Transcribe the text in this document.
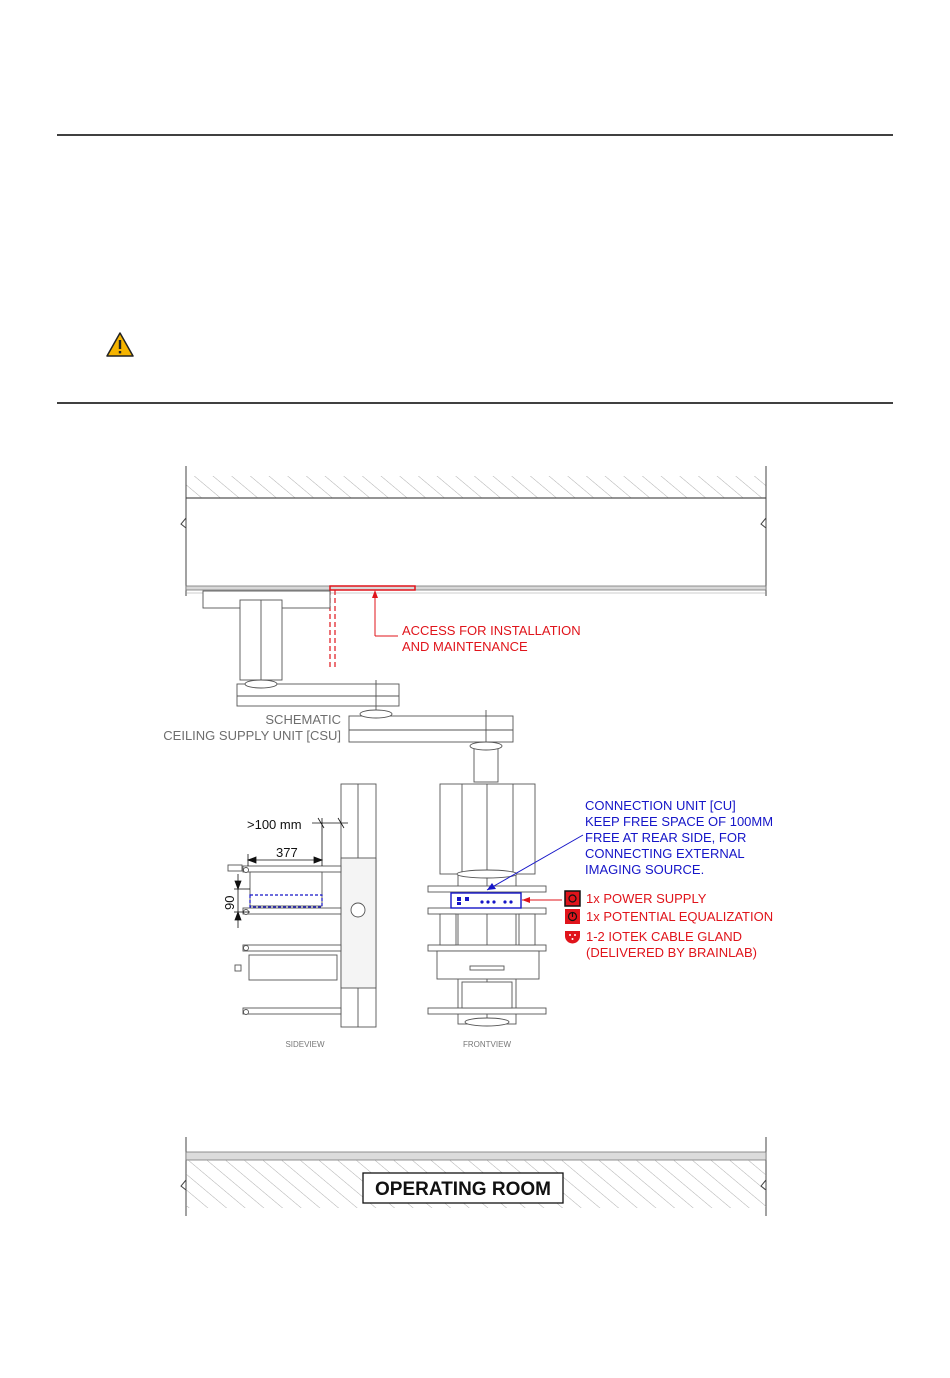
ACCESS FOR INSTALLATION
AND MAINTENANCE
SCHEMATIC
CEILING SUPPLY UNIT [CSU]
>100 mm
377
90
SIDEVIEW	FRONTVIEW
CONNECTION UNIT [CU]
KEEP FREE SPACE OF 100MM
FREE AT REAR SIDE, FOR
CONNECTING EXTERNAL
IMAGING SOURCE.
1x POWER SUPPLY
1x POTENTIAL EQUALIZATION
1-2 IOTEK CABLE GLAND
(DELIVERED BY BRAINLAB)
OPERATING ROOM
